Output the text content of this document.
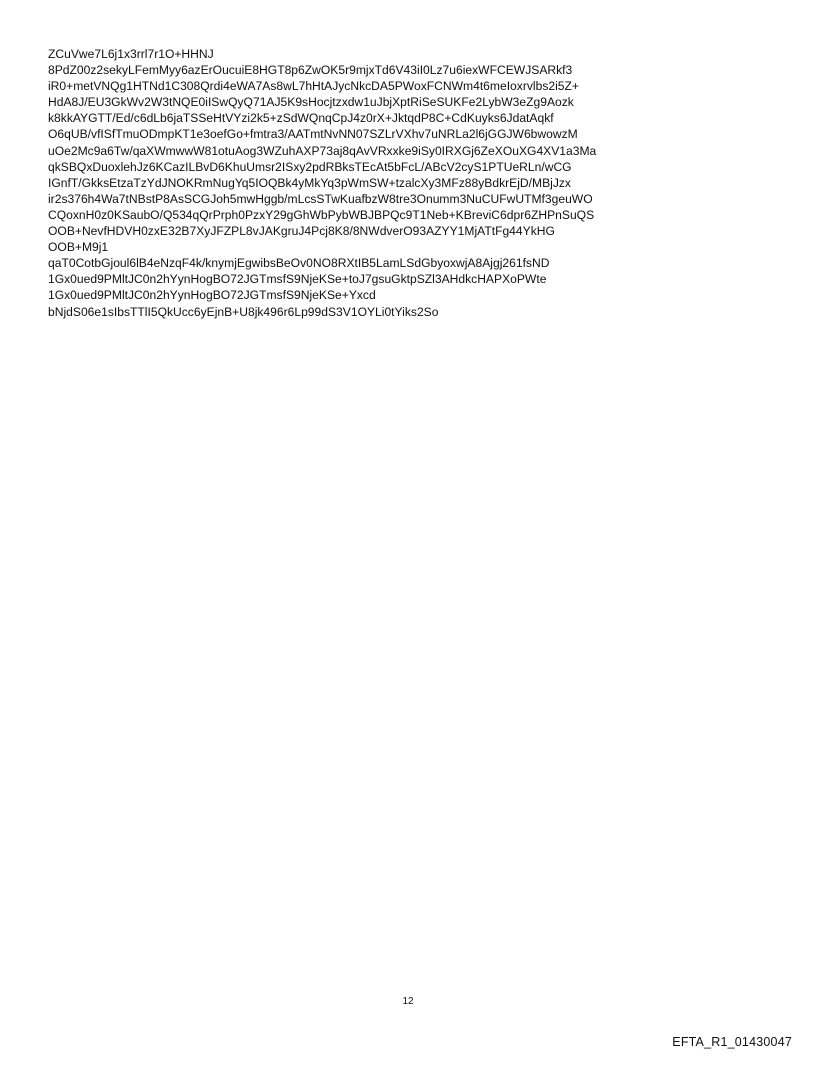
ZCuVwe7L6j1x3rrl7r1O+HHNJ
8PdZ00z2sekyLFemMyy6azErOucuiE8HGT8p6ZwOK5r9mjxTd6V43iI0Lz7u6iexWFCEWJSARkf3
iR0+metVNQg1HTNd1C308Qrdi4eWA7As8wL7hHtAJycNkcDA5PWoxFCNWm4t6meIoxrvlbs2i5Z+
HdA8J/EU3GkWv2W3tNQE0iISwQyQ71AJ5K9sHocjtzxdw1uJbjXptRiSeSUKFe2LybW3eZg9Aozk
k8kkAYGTT/Ed/c6dLb6jaTSSeHtVYzi2k5+zSdWQnqCpJ4z0rX+JktqdP8C+CdKuyks6JdatAqkf
O6qUB/vfISfTmuODmpKT1e3oefGo+fmtra3/AATmtNvNN07SZLrVXhv7uNRLa2l6jGGJW6bwowzM
uOe2Mc9a6Tw/qaXWmwwW81otuAog3WZuhAXP73aj8qAvVRxxke9iSy0IRXGj6ZeXOuXG4XV1a3Ma
qkSBQxDuoxlehJz6KCazILBvD6KhuUmsr2ISxy2pdRBksTEcAt5bFcL/ABcV2cyS1PTUeRLn/wCG
IGnfT/GkksEtzaTzYdJNOKRmNugYq5IOQBk4yMkYq3pWmSW+tzalcXy3MFz88yBdkrEjD/MBjJzx
ir2s376h4Wa7tNBstP8AsSCGJoh5mwHggb/mLcsSTwKuafbzW8tre3Onumm3NuCUFwUTMf3geuWO
CQoxnH0z0KSaubO/Q534qQrPrph0PzxY29gGhWbPybWBJBPQc9T1Neb+KBreviC6dpr6ZHPnSuQS
OOB+NevfHDVH0zxE32B7XyJFZPL8vJAKgruJ4Pcj8K8/8NWdverO93AZYY1MjATtFg44YkHG
OOB+M9j1
qaT0CotbGjoul6lB4eNzqF4k/knymjEgwibsBeOv0NO8RXtIB5LamLSdGbyoxwjA8Ajgj261fsND
1Gx0ued9PMltJC0n2hYynHogBO72JGTmsfS9NjeKSe+toJ7gsuGktpSZl3AHdkcHAPXoPWte
1Gx0ued9PMltJC0n2hYynHogBO72JGTmsfS9NjeKSe+Yxcd
bNjdS06e1sIbsTTlI5QkUcc6yEjnB+U8jk496r6Lp99dS3V1OYLi0tYiks2So
12
EFTA_R1_01430047
